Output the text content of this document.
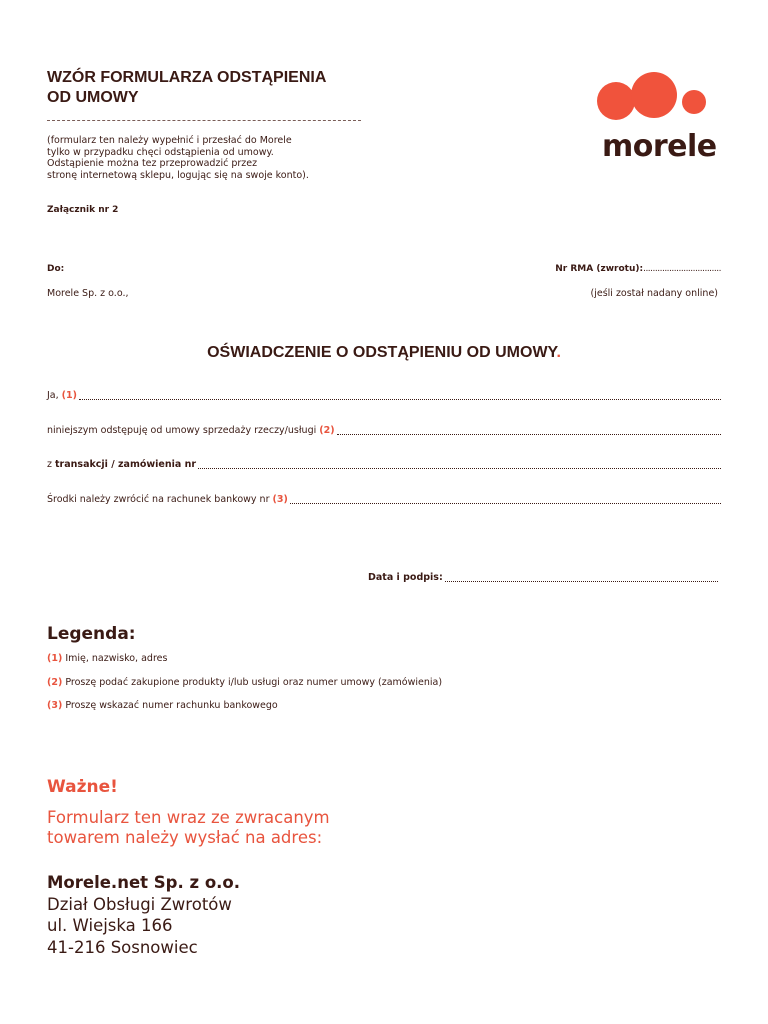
WZÓR FORMULARZA ODSTĄPIENIA
OD UMOWY
(formularz ten należy wypełnić i przesłać do Morele
tylko w przypadku chęci odstąpienia od umowy.
Odstąpienie można tez przeprowadzić przez
stronę internetową sklepu, logując się na swoje konto).
Załącznik nr 2
morele
Do:
Morele Sp. z o.o.,
Nr RMA (zwrotu):.................................
(jeśli został nadany online)
OŚWIADCZENIE O ODSTĄPIENIU OD UMOWY.
Ja, (1)
niniejszym odstępuję od umowy sprzedaży rzeczy/usługi (2)
z transakcji / zamówienia nr
Środki należy zwrócić na rachunek bankowy nr (3)
Data i podpis:
Legenda:
(1) Imię, nazwisko, adres
(2) Proszę podać zakupione produkty i/lub usługi oraz numer umowy (zamówienia)
(3) Proszę wskazać numer rachunku bankowego
Ważne!
Formularz ten wraz ze zwracanym
towarem należy wysłać na adres:
Morele.net Sp. z o.o.
Dział Obsługi Zwrotów
ul. Wiejska 166
41-216 Sosnowiec
